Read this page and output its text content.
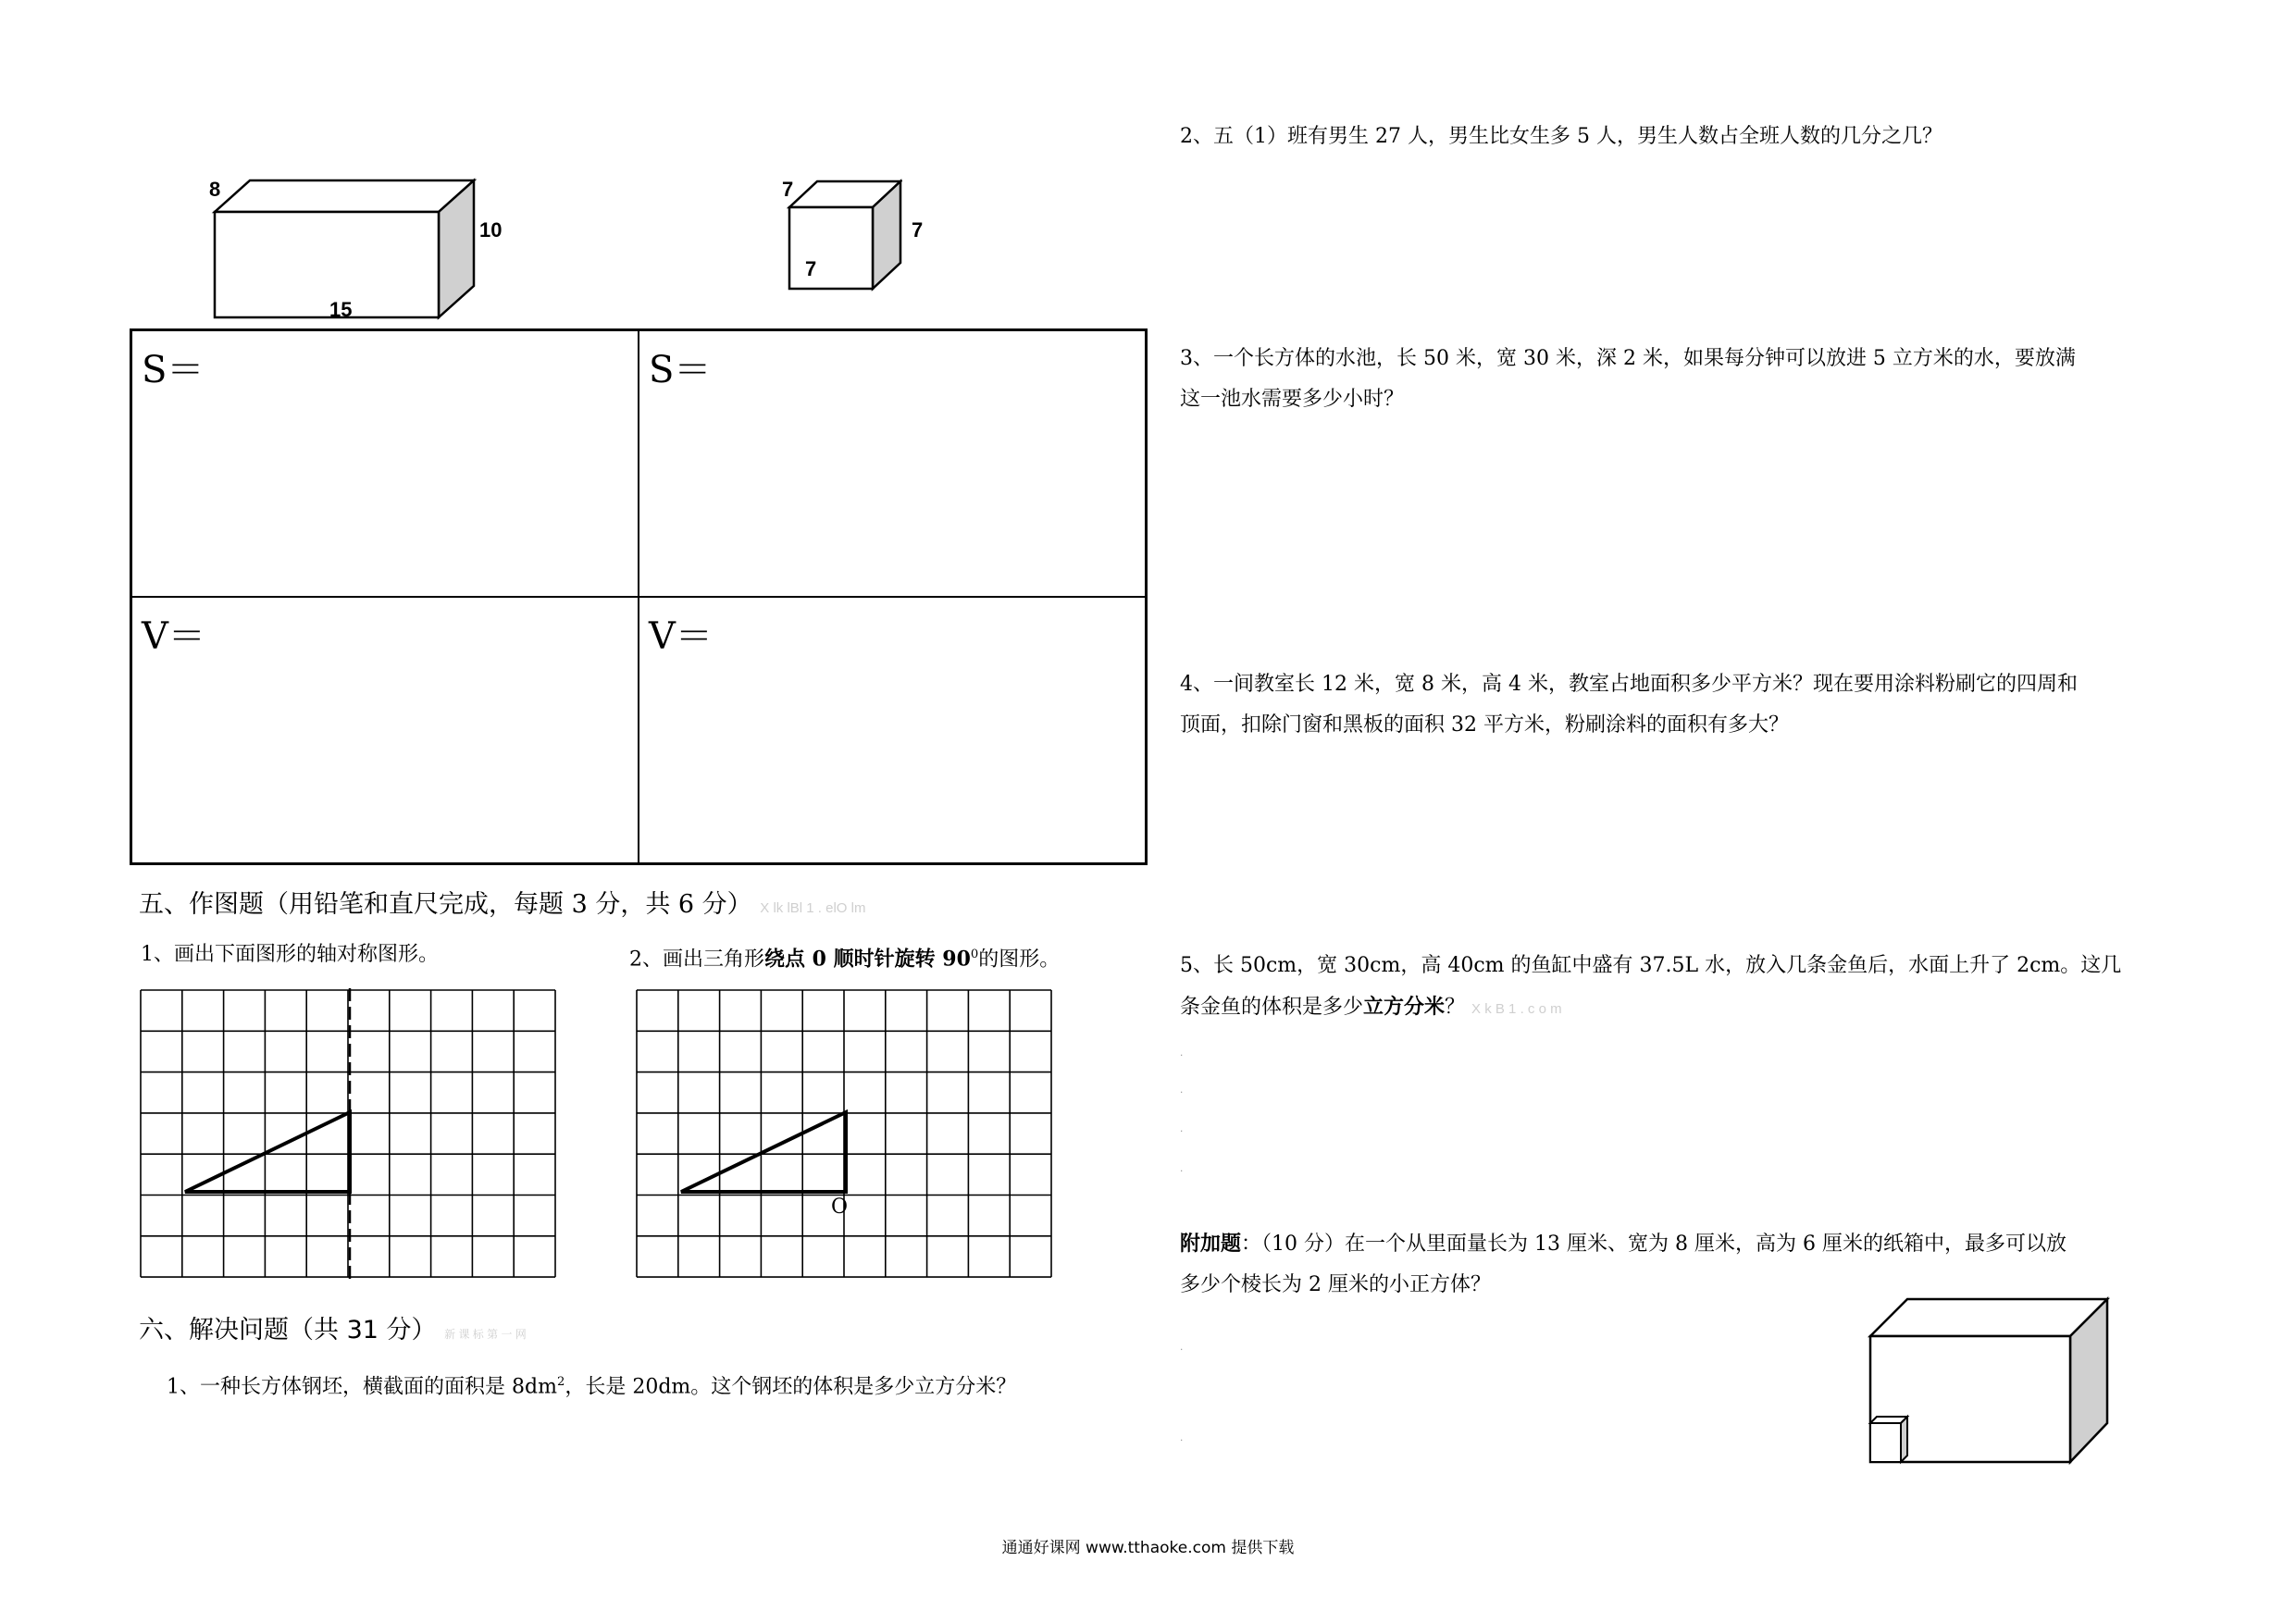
8
10
15
7
7
7
S＝	S＝
V＝	V＝
五、作图题（用铅笔和直尺完成，每题 3 分，共 6 分） X lk lBl 1 . elO lm
1、画出下面图形的轴对称图形。	2、画出三角形绕点 0 顺时针旋转 $90^0$的图形。
O
六、解决问题（共 31 分） 新 课 标 第 一 网
1、一种长方体钢坯，横截面的面积是 $8dm^2$，长是 20dm。这个钢坯的体积是多少立方分米？
2、五（1）班有男生 27 人，男生比女生多 5 人，男生人数占全班人数的几分之几？
3、一个长方体的水池，长 50 米，宽 30 米，深 2 米，如果每分钟可以放进 5 立方米的水，要放满
这一池水需要多少小时？
4、一间教室长 12 米，宽 8 米，高 4 米，教室占地面积多少平方米？现在要用涂料粉刷它的四周和
顶面，扣除门窗和黑板的面积 32 平方米，粉刷涂料的面积有多大？
5、长 50cm，宽 30cm，高 40cm 的鱼缸中盛有 37.5L 水，放入几条金鱼后，水面上升了 2cm。这几
条金鱼的体积是多少立方分米？ X k B 1 . c o m
.
.
.
.
附加题：（10 分）在一个从里面量长为 13 厘米、宽为 8 厘米，高为 6 厘米的纸箱中，最多可以放
多少个棱长为 2 厘米的小正方体？
.
.
通通好课网 www.tthaoke.com 提供下载
